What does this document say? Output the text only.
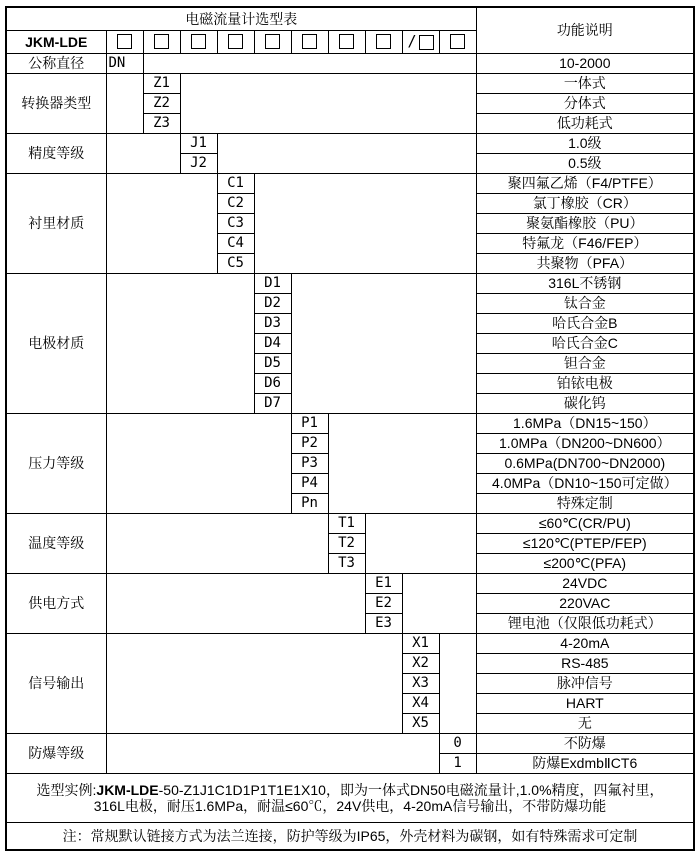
电磁流量计选型表											功能说明
JKM-LDE									/		
公称直径	DN										10-2000
转换器类型		Z1									一体式
		Z2									分体式
		Z3									低功耗式
精度等级			J1								1.0级
			J2								0.5级
衬里材质				C1							聚四氟乙烯（F4/PTFE）
				C2							氯丁橡胶（CR）
				C3							聚氨酯橡胶（PU）
				C4							特氟龙（F46/FEP）
				C5							共聚物（PFA）
电极材质					D1						316L不锈钢
					D2						钛合金
					D3						哈氏合金B
					D4						哈氏合金C
					D5						钽合金
					D6						铂铱电极
					D7						碳化钨
压力等级						P1					1.6MPa（DN15~150）
						P2					1.0MPa（DN200~DN600）
						P3					0.6MPa(DN700~DN2000)
						P4					4.0MPa（DN10~150可定做）
						Pn					特殊定制
温度等级							T1				≤60℃(CR/PU)
							T2				≤120℃(PTEP/FEP)
							T3				≤200℃(PFA)
供电方式								E1			24VDC
								E2			220VAC
								E3			锂电池（仅限低功耗式）
信号输出									X1		4-20mA
									X2		RS-485
									X3		脉冲信号
									X4		HART
									X5		无
防爆等级										0	不防爆
										1	防爆ExdmbⅡCT6
选型实例:JKM-LDE-50-Z1J1C1D1P1T1E1X10，即为一体式DN50电磁流量计,1.0%精度，四氟衬里，
316L电极，耐压1.6MPa，耐温≤60℃，24V供电，4-20mA信号输出，不带防爆功能											
注：常规默认链接方式为法兰连接，防护等级为IP65，外壳材料为碳钢，如有特殊需求可定制											
